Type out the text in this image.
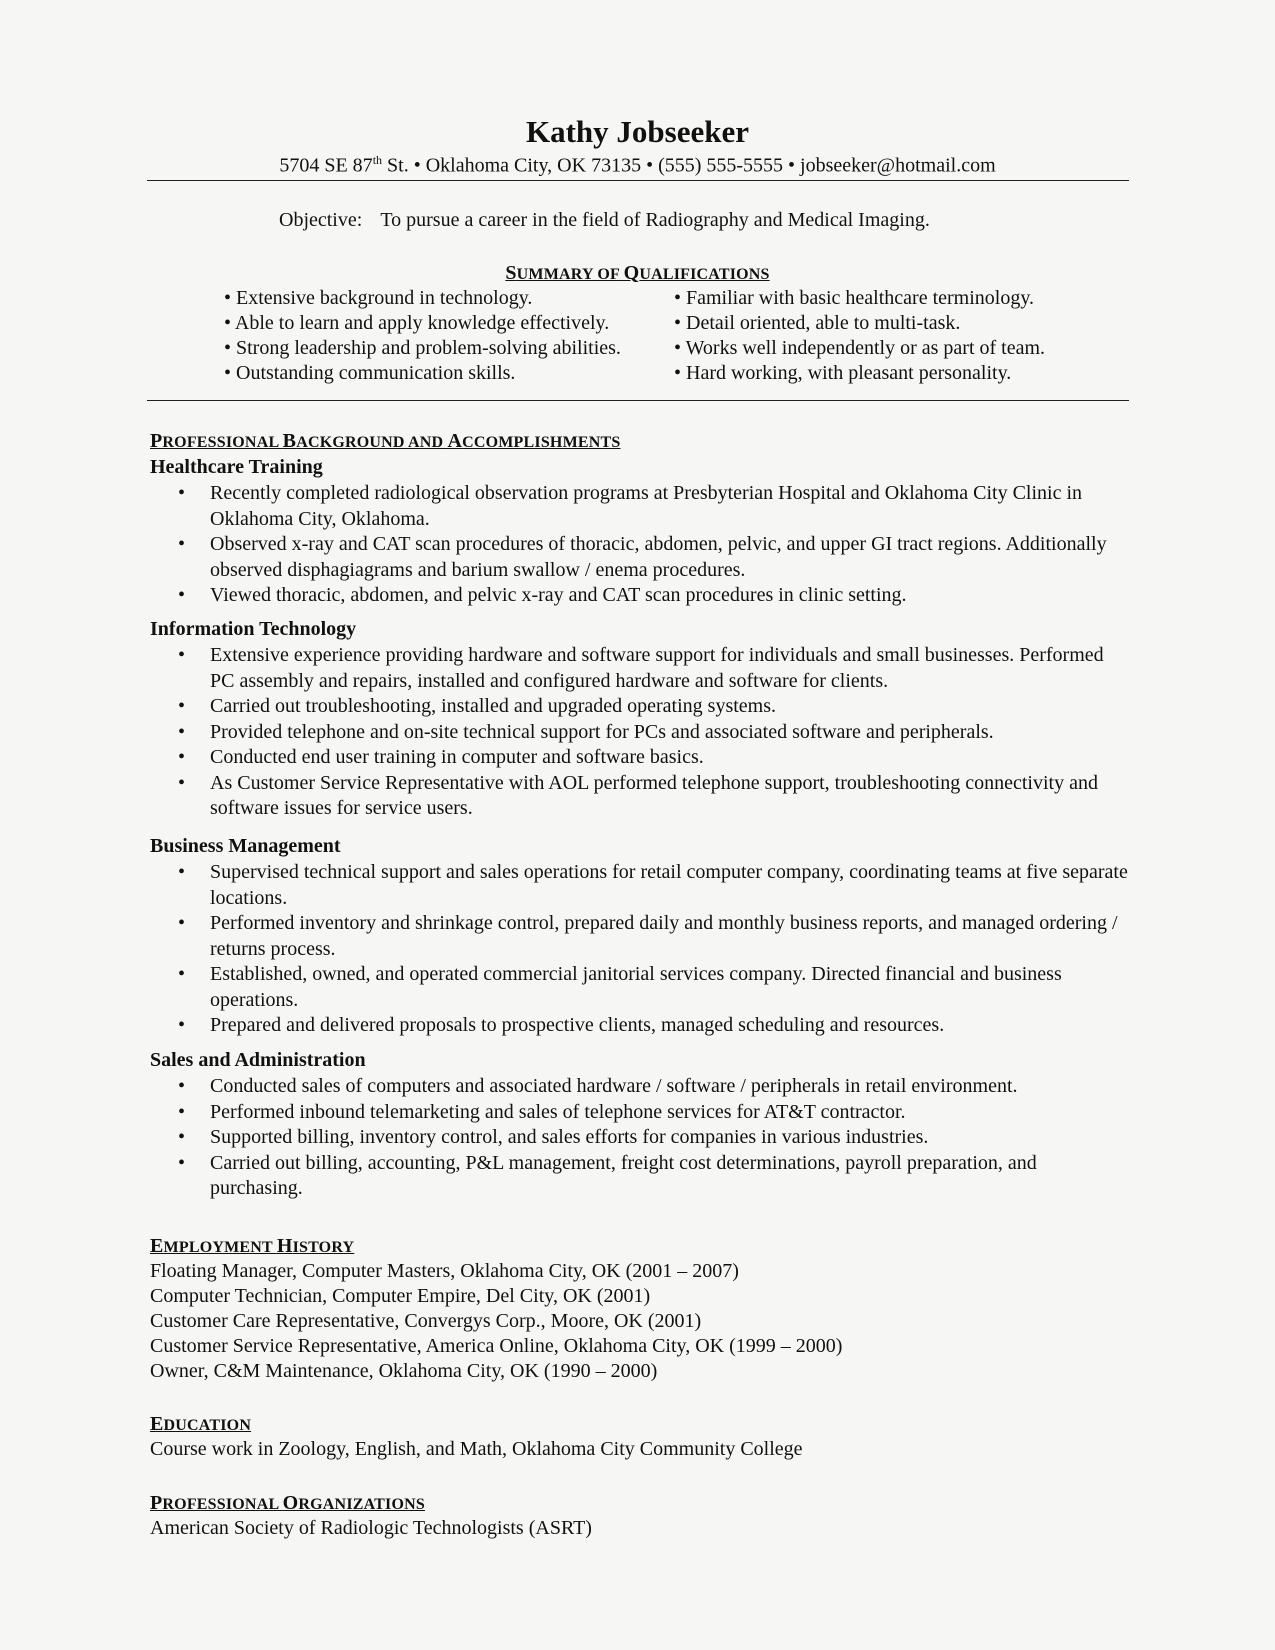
Kathy Jobseeker
5704 SE 87th St. • Oklahoma City, OK 73135 • (555) 555-5555 • jobseeker@hotmail.com
Objective: To pursue a career in the field of Radiography and Medical Imaging.
SUMMARY OF QUALIFICATIONS
• Extensive background in technology.
• Able to learn and apply knowledge effectively.
• Strong leadership and problem-solving abilities.
• Outstanding communication skills.
• Familiar with basic healthcare terminology.
• Detail oriented, able to multi-task.
• Works well independently or as part of team.
• Hard working, with pleasant personality.
PROFESSIONAL BACKGROUND AND ACCOMPLISHMENTS
Healthcare Training
• Recently completed radiological observation programs at Presbyterian Hospital and Oklahoma City Clinic in Oklahoma City, Oklahoma.
• Observed x-ray and CAT scan procedures of thoracic, abdomen, pelvic, and upper GI tract regions. Additionally observed disphagiagrams and barium swallow / enema procedures.
• Viewed thoracic, abdomen, and pelvic x-ray and CAT scan procedures in clinic setting.
Information Technology
• Extensive experience providing hardware and software support for individuals and small businesses. Performed PC assembly and repairs, installed and configured hardware and software for clients.
• Carried out troubleshooting, installed and upgraded operating systems.
• Provided telephone and on-site technical support for PCs and associated software and peripherals.
• Conducted end user training in computer and software basics.
• As Customer Service Representative with AOL performed telephone support, troubleshooting connectivity and software issues for service users.
Business Management
• Supervised technical support and sales operations for retail computer company, coordinating teams at five separate locations.
• Performed inventory and shrinkage control, prepared daily and monthly business reports, and managed ordering / returns process.
• Established, owned, and operated commercial janitorial services company. Directed financial and business operations.
• Prepared and delivered proposals to prospective clients, managed scheduling and resources.
Sales and Administration
• Conducted sales of computers and associated hardware / software / peripherals in retail environment.
• Performed inbound telemarketing and sales of telephone services for AT&T contractor.
• Supported billing, inventory control, and sales efforts for companies in various industries.
• Carried out billing, accounting, P&L management, freight cost determinations, payroll preparation, and purchasing.
EMPLOYMENT HISTORY
Floating Manager, Computer Masters, Oklahoma City, OK (2001 – 2007)
Computer Technician, Computer Empire, Del City, OK (2001)
Customer Care Representative, Convergys Corp., Moore, OK (2001)
Customer Service Representative, America Online, Oklahoma City, OK (1999 – 2000)
Owner, C&M Maintenance, Oklahoma City, OK (1990 – 2000)
EDUCATION
Course work in Zoology, English, and Math, Oklahoma City Community College
PROFESSIONAL ORGANIZATIONS
American Society of Radiologic Technologists (ASRT)
